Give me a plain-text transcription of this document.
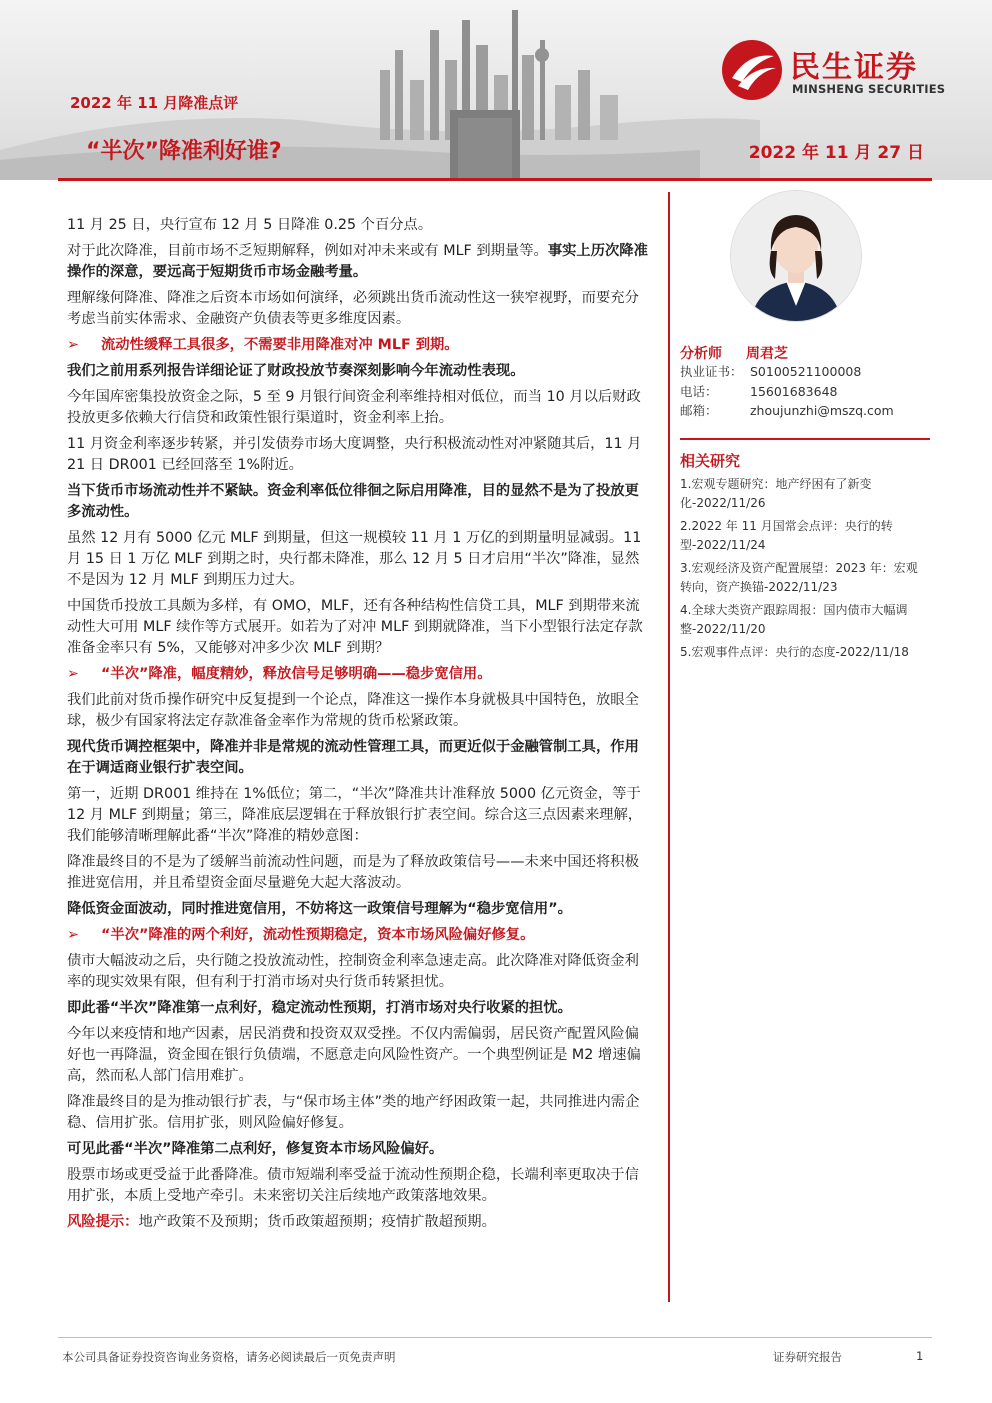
2022 年 11 月降准点评
“半次”降准利好谁?	2022 年 11 月 27 日
民生证券
MINSHENG SECURITIES

11 月 25 日，央行宣布 12 月 5 日降准 0.25 个百分点。

对于此次降准，目前市场不乏短期解释，例如对冲未来或有 MLF 到期量等。事实上历次降准操作的深意，要远高于短期货币市场金融考量。

理解缘何降准、降准之后资本市场如何演绎，必须跳出货币流动性这一狭窄视野，而要充分考虑当前实体需求、金融资产负债表等更多维度因素。

➢ 流动性缓释工具很多，不需要非用降准对冲 MLF 到期。

我们之前用系列报告详细论证了财政投放节奏深刻影响今年流动性表现。

今年国库密集投放资金之际，5 至 9 月银行间资金利率维持相对低位，而当 10 月以后财政投放更多依赖大行信贷和政策性银行渠道时，资金利率上抬。

11 月资金利率逐步转紧，并引发债券市场大度调整，央行积极流动性对冲紧随其后，11 月 21 日 DR001 已经回落至 1%附近。

当下货币市场流动性并不紧缺。资金利率低位徘徊之际启用降准，目的显然不是为了投放更多流动性。

虽然 12 月有 5000 亿元 MLF 到期量，但这一规模较 11 月 1 万亿的到期量明显减弱。11 月 15 日 1 万亿 MLF 到期之时，央行都未降准，那么 12 月 5 日才启用“半次”降准，显然不是因为 12 月 MLF 到期压力过大。

中国货币投放工具颇为多样，有 OMO，MLF，还有各种结构性信贷工具，MLF 到期带来流动性大可用 MLF 续作等方式展开。如若为了对冲 MLF 到期就降准，当下小型银行法定存款准备金率只有 5%，又能够对冲多少次 MLF 到期？

➢ “半次”降准，幅度精妙，释放信号足够明确——稳步宽信用。

我们此前对货币操作研究中反复提到一个论点，降准这一操作本身就极具中国特色，放眼全球，极少有国家将法定存款准备金率作为常规的货币松紧政策。

现代货币调控框架中，降准并非是常规的流动性管理工具，而更近似于金融管制工具，作用在于调适商业银行扩表空间。

第一，近期 DR001 维持在 1%低位；第二，“半次”降准共计准释放 5000 亿元资金，等于 12 月 MLF 到期量；第三，降准底层逻辑在于释放银行扩表空间。综合这三点因素来理解，我们能够清晰理解此番“半次”降准的精妙意图：

降准最终目的不是为了缓解当前流动性问题，而是为了释放政策信号——未来中国还将积极推进宽信用，并且希望资金面尽量避免大起大落波动。

降低资金面波动，同时推进宽信用，不妨将这一政策信号理解为“稳步宽信用”。

➢ “半次”降准的两个利好，流动性预期稳定，资本市场风险偏好修复。

债市大幅波动之后，央行随之投放流动性，控制资金利率急速走高。此次降准对降低资金利率的现实效果有限，但有利于打消市场对央行货币转紧担忧。

即此番“半次”降准第一点利好，稳定流动性预期，打消市场对央行收紧的担忧。

今年以来疫情和地产因素，居民消费和投资双双受挫。不仅内需偏弱，居民资产配置风险偏好也一再降温，资金囤在银行负债端，不愿意走向风险性资产。一个典型例证是 M2 增速偏高，然而私人部门信用难扩。

降准最终目的是为推动银行扩表，与“保市场主体”类的地产纾困政策一起，共同推进内需企稳、信用扩张。信用扩张，则风险偏好修复。

可见此番“半次”降准第二点利好，修复资本市场风险偏好。

股票市场或更受益于此番降准。债市短端利率受益于流动性预期企稳，长端利率更取决于信用扩张，本质上受地产牵引。未来密切关注后续地产政策落地效果。

风险提示：地产政策不及预期；货币政策超预期；疫情扩散超预期。

分析师 周君芝
执业证书： S0100521100008
电话：	15601683648
邮箱：	zhoujunzhi@mszq.com
相关研究
1.宏观专题研究：地产纾困有了新变化-2022/11/26
2.2022 年 11 月国常会点评：央行的转型-2022/11/24
3.宏观经济及资产配置展望：2023 年：宏观转向，资产换锚-2022/11/23
4.全球大类资产跟踪周报：国内债市大幅调整-2022/11/20
5.宏观事件点评：央行的态度-2022/11/18
本公司具备证券投资咨询业务资格，请务必阅读最后一页免责声明	证券研究报告	1
